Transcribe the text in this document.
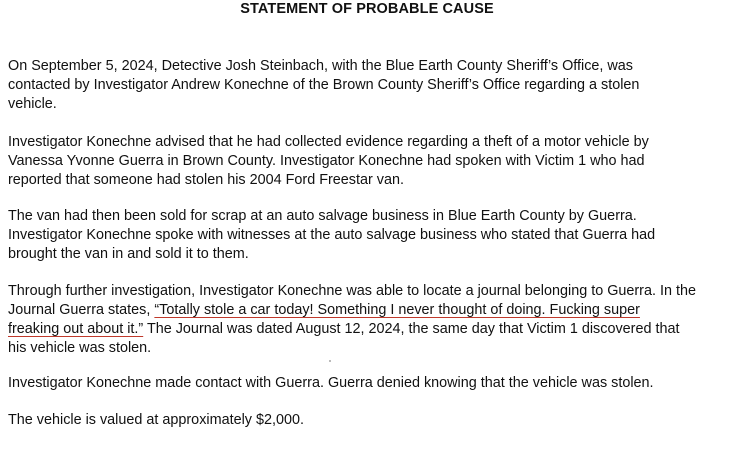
STATEMENT OF PROBABLE CAUSE
On September 5, 2024, Detective Josh Steinbach, with the Blue Earth County Sheriff’s Office, was
contacted by Investigator Andrew Konechne of the Brown County Sheriff’s Office regarding a stolen
vehicle.
Investigator Konechne advised that he had collected evidence regarding a theft of a motor vehicle by
Vanessa Yvonne Guerra in Brown County. Investigator Konechne had spoken with Victim 1 who had
reported that someone had stolen his 2004 Ford Freestar van.
The van had then been sold for scrap at an auto salvage business in Blue Earth County by Guerra.
Investigator Konechne spoke with witnesses at the auto salvage business who stated that Guerra had
brought the van in and sold it to them.
Through further investigation, Investigator Konechne was able to locate a journal belonging to Guerra. In the
Journal Guerra states, “Totally stole a car today! Something I never thought of doing. Fucking super
freaking out about it.” The Journal was dated August 12, 2024, the same day that Victim 1 discovered that
his vehicle was stolen.
Investigator Konechne made contact with Guerra. Guerra denied knowing that the vehicle was stolen.
The vehicle is valued at approximately $2,000.
